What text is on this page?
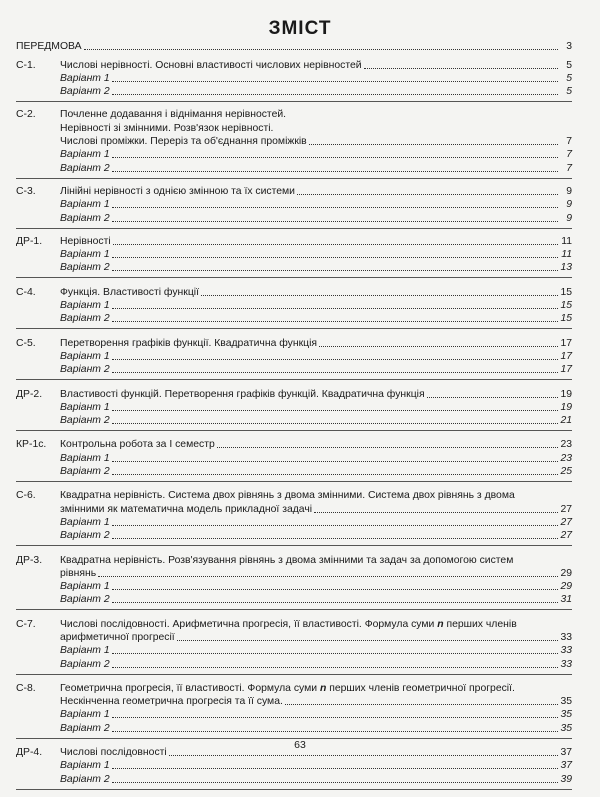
ЗМІСТ
ПЕРЕДМОВА	3
С-1.	Числові нерівності. Основні властивості числових нерівностей	5
Варіант 1	5
Варіант 2	5
С-2.	Почленне додавання і віднімання нерівностей.
Нерівності зі змінними. Розв'язок нерівності.
Числові проміжки. Переріз та об'єднання проміжків	7
Варіант 1	7
Варіант 2	7
С-3.	Лінійні нерівності з однією змінною та їх системи	9
Варіант 1	9
Варіант 2	9
ДР-1.	Нерівності	11
Варіант 1	11
Варіант 2	13
С-4.	Функція. Властивості функції	15
Варіант 1	15
Варіант 2	15
С-5.	Перетворення графіків функції. Квадратична функція	17
Варіант 1	17
Варіант 2	17
ДР-2.	Властивості функцій. Перетворення графіків функцій. Квадратична функція	19
Варіант 1	19
Варіант 2	21
КР-1с.	Контрольна робота за І семестр	23
Варіант 1	23
Варіант 2	25
С-6.	Квадратна нерівність. Система двох рівнянь з двома змінними. Система двох рівнянь з двома
змінними як математична модель прикладної задачі	27
Варіант 1	27
Варіант 2	27
ДР-3.	Квадратна нерівність. Розв'язування рівнянь з двома змінними та задач за допомогою систем
рівнянь	29
Варіант 1	29
Варіант 2	31
С-7.	Числові послідовності. Арифметична прогресія, її властивості. Формула суми n перших членів
арифметичної прогресії	33
Варіант 1	33
Варіант 2	33
С-8.	Геометрична прогресія, її властивості. Формула суми n перших членів геометричної прогресії.
Нескінченна геометрична прогресія та її сума.	35
Варіант 1	35
Варіант 2	35
ДР-4.	Числові послідовності	37
Варіант 1	37
Варіант 2	39
63
